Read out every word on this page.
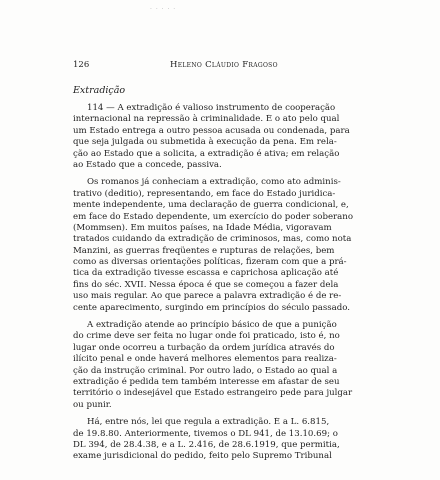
· · · · ·
126	Heleno Cláudio Fragoso
Extradição
114 — A extradição é valioso instrumento de cooperação
internacional na repressão à criminalidade. É o ato pelo qual
um Estado entrega a outro pessoa acusada ou condenada, para
que seja julgada ou submetida à execução da pena. Em rela-
ção ao Estado que a solicita, a extradição é ativa; em relação
ao Estado que a concede, passiva.
Os romanos já conheciam a extradição, como ato adminis-
trativo (deditio), representando, em face do Estado juridica-
mente independente, uma declaração de guerra condicional, e,
em face do Estado dependente, um exercício do poder soberano
(Mommsen). Em muitos países, na Idade Média, vigoravam
tratados cuidando da extradição de criminosos, mas, como nota
Manzini, as guerras freqüentes e rupturas de relações, bem
como as diversas orientações políticas, fizeram com que a prá-
tica da extradição tivesse escassa e caprichosa aplicação até
fins do séc. XVII. Nessa época é que se começou a fazer dela
uso mais regular. Ao que parece a palavra extradição é de re-
cente aparecimento, surgindo em princípios do século passado.
A extradição atende ao princípio básico de que a punição
do crime deve ser feita no lugar onde foi praticado, isto é, no
lugar onde ocorreu a turbação da ordem jurídica através do
ilícito penal e onde haverá melhores elementos para realiza-
ção da instrução criminal. Por outro lado, o Estado ao qual a
extradição é pedida tem também interesse em afastar de seu
território o indesejável que Estado estrangeiro pede para julgar
ou punir.
Há, entre nós, lei que regula a extradição. É a L. 6.815,
de 19.8.80. Anteriormente, tivemos o DL 941, de 13.10.69; o
DL 394, de 28.4.38, e a L. 2.416, de 28.6.1919, que permitia,
exame jurisdicional do pedido, feito pelo Supremo Tribunal
